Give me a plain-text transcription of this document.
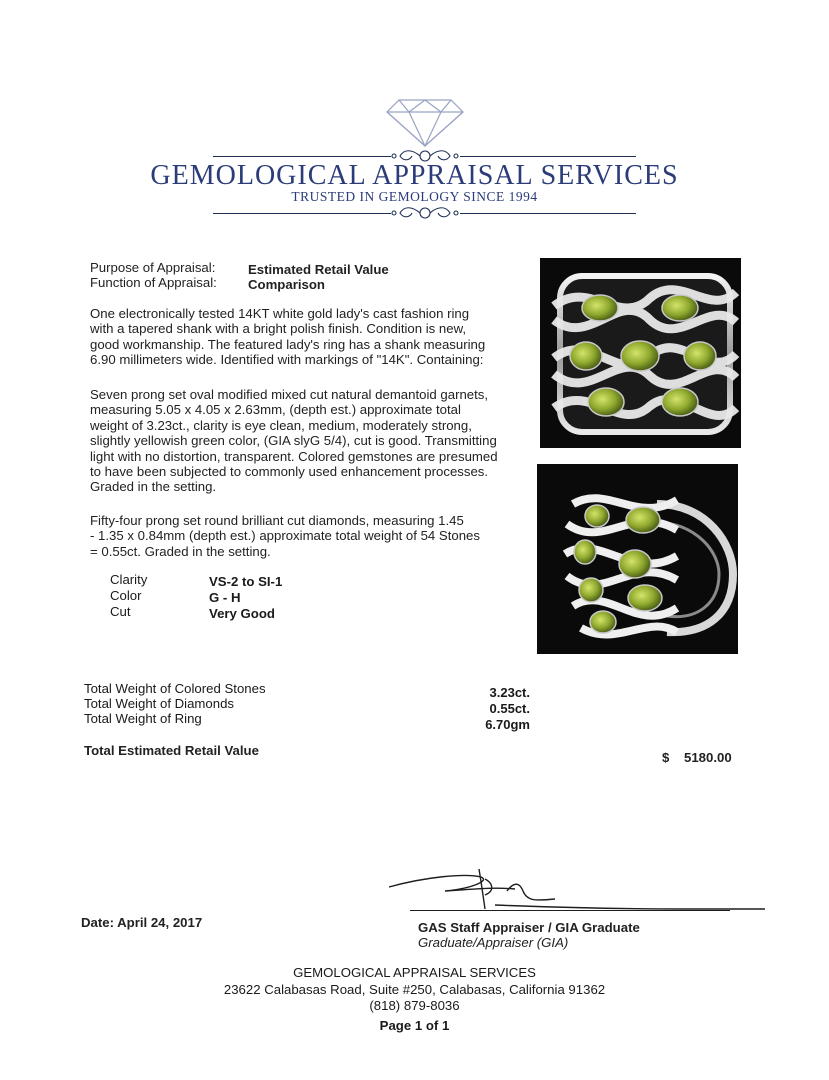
GEMOLOGICAL APPRAISAL SERVICES
TRUSTED IN GEMOLOGY SINCE 1994
Purpose of Appraisal: Estimated Retail Value
Function of Appraisal: Comparison
One electronically tested 14KT white gold lady's cast fashion ring
with a tapered shank with a bright polish finish. Condition is new,
good workmanship. The featured lady's ring has a shank measuring
6.90 millimeters wide. Identified with markings of "14K". Containing:
Seven prong set oval modified mixed cut natural demantoid garnets,
measuring 5.05 x 4.05 x 2.63mm, (depth est.) approximate total
weight of 3.23ct., clarity is eye clean, medium, moderately strong,
slightly yellowish green color, (GIA slyG 5/4), cut is good. Transmitting
light with no distortion, transparent. Colored gemstones are presumed
to have been subjected to commonly used enhancement processes.
Graded in the setting.
Fifty-four prong set round brilliant cut diamonds, measuring 1.45
- 1.35 x 0.84mm (depth est.) approximate total weight of 54 Stones
= 0.55ct. Graded in the setting.
Clarity	VS-2 to SI-1
Color	G - H
Cut	Very Good
Total Weight of Colored Stones	3.23ct.
Total Weight of Diamonds	0.55ct.
Total Weight of Ring	6.70gm
Total Estimated Retail Value	$ 5180.00
Date: April 24, 2017	GAS Staff Appraiser / GIA Graduate
Graduate/Appraiser (GIA)
GEMOLOGICAL APPRAISAL SERVICES
23622 Calabasas Road, Suite #250, Calabasas, California 91362
(818) 879-8036
Page 1 of 1
